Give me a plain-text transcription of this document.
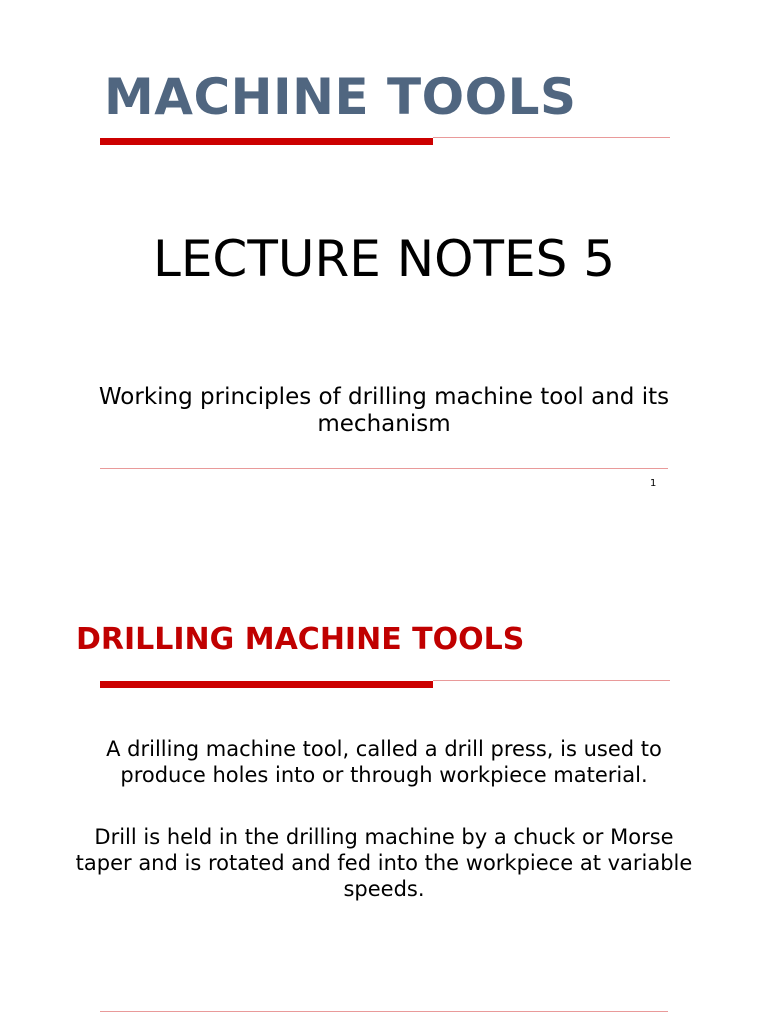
MACHINE TOOLS
LECTURE NOTES 5

Working principles of drilling machine tool and its mechanism

1
DRILLING MACHINE TOOLS

A drilling machine tool, called a drill press, is used to produce holes into or through workpiece material.

Drill is held in the drilling machine by a chuck or Morse taper and is rotated and fed into the workpiece at variable speeds.
